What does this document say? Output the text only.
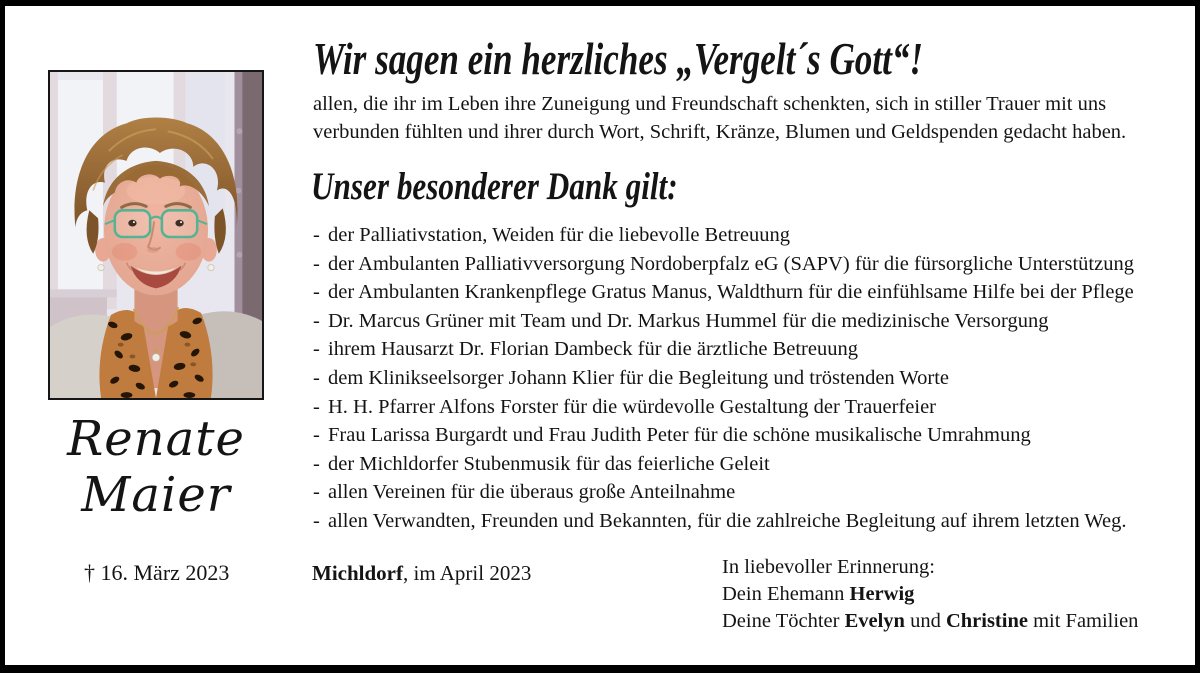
Renate
Maier
† 16. März 2023
Wir sagen ein herzliches „Vergelt´s Gott“!
allen, die ihr im Leben ihre Zuneigung und Freundschaft schenkten, sich in stiller Trauer mit uns
verbunden fühlten und ihrer durch Wort, Schrift, Kränze, Blumen und Geldspenden gedacht haben.
Unser besonderer Dank gilt:
- der Palliativstation, Weiden für die liebevolle Betreuung
- der Ambulanten Palliativversorgung Nordoberpfalz eG (SAPV) für die fürsorgliche Unterstützung
- der Ambulanten Krankenpflege Gratus Manus, Waldthurn für die einfühlsame Hilfe bei der Pflege
- Dr. Marcus Grüner mit Team und Dr. Markus Hummel für die medizinische Versorgung
- ihrem Hausarzt Dr. Florian Dambeck für die ärztliche Betreuung
- dem Klinikseelsorger Johann Klier für die Begleitung und tröstenden Worte
- H. H. Pfarrer Alfons Forster für die würdevolle Gestaltung der Trauerfeier
- Frau Larissa Burgardt und Frau Judith Peter für die schöne musikalische Umrahmung
- der Michldorfer Stubenmusik für das feierliche Geleit
- allen Vereinen für die überaus große Anteilnahme
- allen Verwandten, Freunden und Bekannten, für die zahlreiche Begleitung auf ihrem letzten Weg.
Michldorf, im April 2023	In liebevoller Erinnerung:
Dein Ehemann Herwig
Deine Töchter Evelyn und Christine mit Familien
